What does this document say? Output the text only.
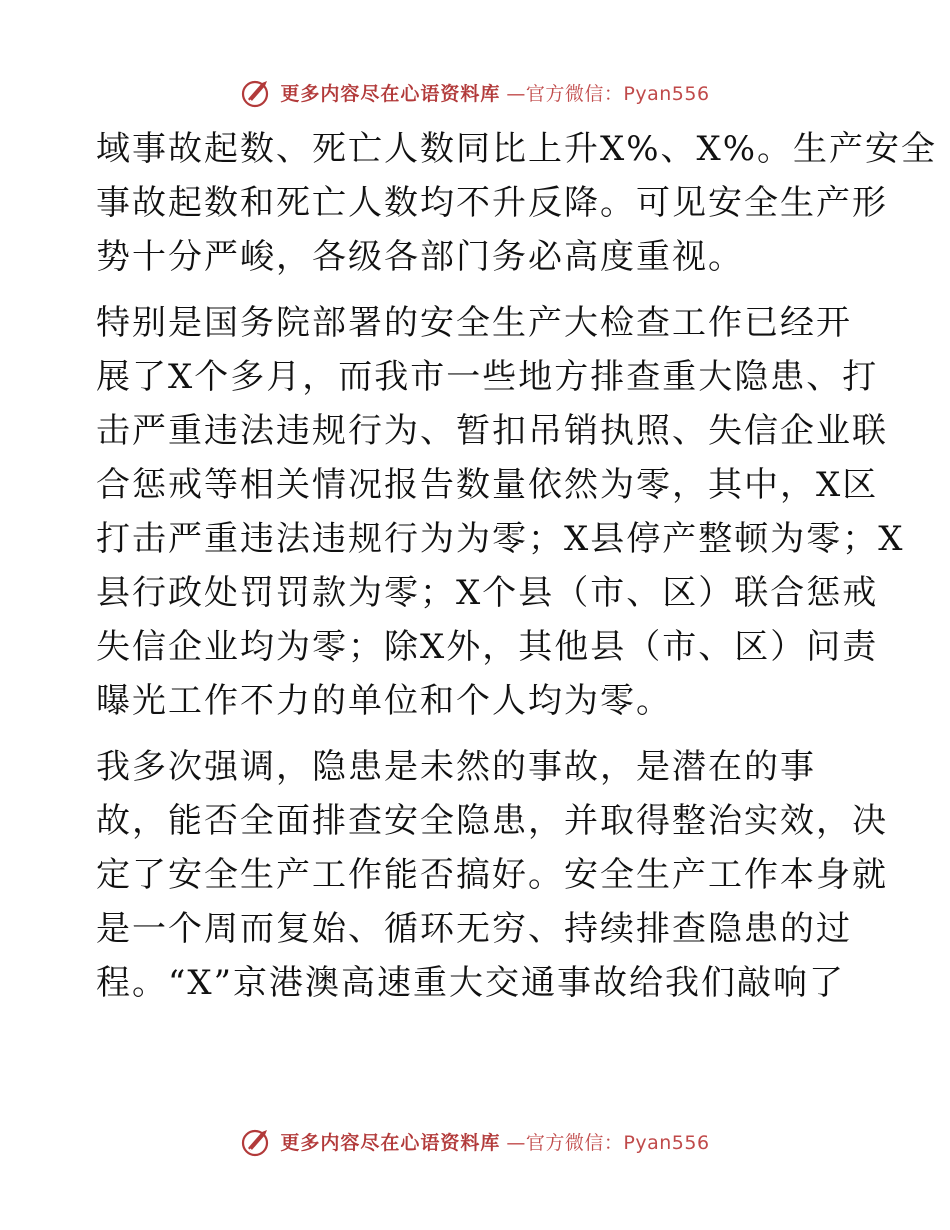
更多内容尽在心语资料库 —官方微信：Pyan556
域事故起数、死亡人数同比上升X%、X%。生产安全
事故起数和死亡人数均不升反降。可见安全生产形
势十分严峻，各级各部门务必高度重视。
特别是国务院部署的安全生产大检查工作已经开
展了X个多月，而我市一些地方排查重大隐患、打
击严重违法违规行为、暂扣吊销执照、失信企业联
合惩戒等相关情况报告数量依然为零，其中，X区
打击严重违法违规行为为零；X县停产整顿为零；X
县行政处罚罚款为零；X个县（市、区）联合惩戒
失信企业均为零；除X外，其他县（市、区）问责
曝光工作不力的单位和个人均为零。
我多次强调，隐患是未然的事故，是潜在的事
故，能否全面排查安全隐患，并取得整治实效，决
定了安全生产工作能否搞好。安全生产工作本身就
是一个周而复始、循环无穷、持续排查隐患的过
程。“X”京港澳高速重大交通事故给我们敲响了
更多内容尽在心语资料库 —官方微信：Pyan556
